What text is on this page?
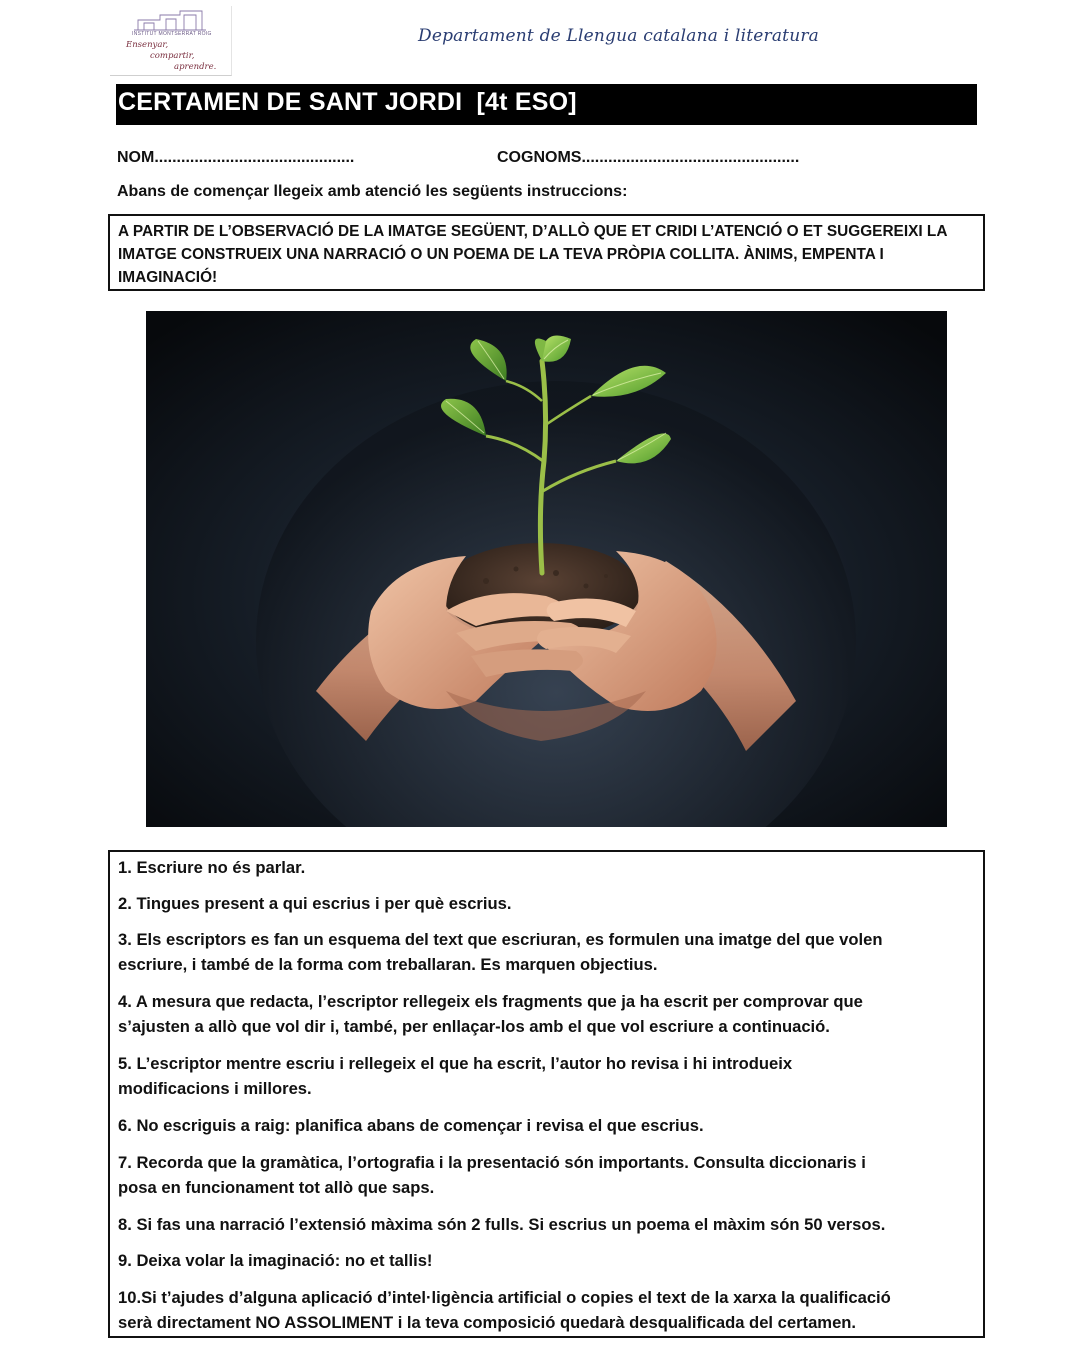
INSTITUT MONTSERRAT ROIG
Ensenyar,
compartir,
aprendre.
Departament de Llengua catalana i literatura
CERTAMEN DE SANT JORDI  [4t ESO]
NOM.............................................	COGNOMS.................................................
Abans de començar llegeix amb atenció les següents instruccions:
A PARTIR DE L’OBSERVACIÓ DE LA IMATGE SEGÜENT, D’ALLÒ QUE ET CRIDI L’ATENCIÓ O ET SUGGEREIXI LA
IMATGE CONSTRUEIX UNA NARRACIÓ O UN POEMA DE LA TEVA PRÒPIA COLLITA. ÀNIMS, EMPENTA I
IMAGINACIÓ!
1. Escriure no és parlar.
2. Tingues present a qui escrius i per què escrius.
3. Els escriptors es fan un esquema del text que escriuran, es formulen una imatge del que volen
escriure, i també de la forma com treballaran. Es marquen objectius.
4. A mesura que redacta, l’escriptor rellegeix els fragments que ja ha escrit per comprovar que
s’ajusten a allò que vol dir i, també, per enllaçar-los amb el que vol escriure a continuació.
5. L’escriptor mentre escriu i rellegeix el que ha escrit, l’autor ho revisa i hi introdueix
modificacions i millores.
6. No escriguis a raig: planifica abans de començar i revisa el que escrius.
7. Recorda que la gramàtica, l’ortografia i la presentació són importants. Consulta diccionaris i
posa en funcionament tot allò que saps.
8. Si fas una narració l’extensió màxima són 2 fulls. Si escrius un poema el màxim són 50 versos.
9. Deixa volar la imaginació: no et tallis!
10.Si t’ajudes d’alguna aplicació d’intel·ligència artificial o copies el text de la xarxa la qualificació
serà directament NO ASSOLIMENT i la teva composició quedarà desqualificada del certamen.
